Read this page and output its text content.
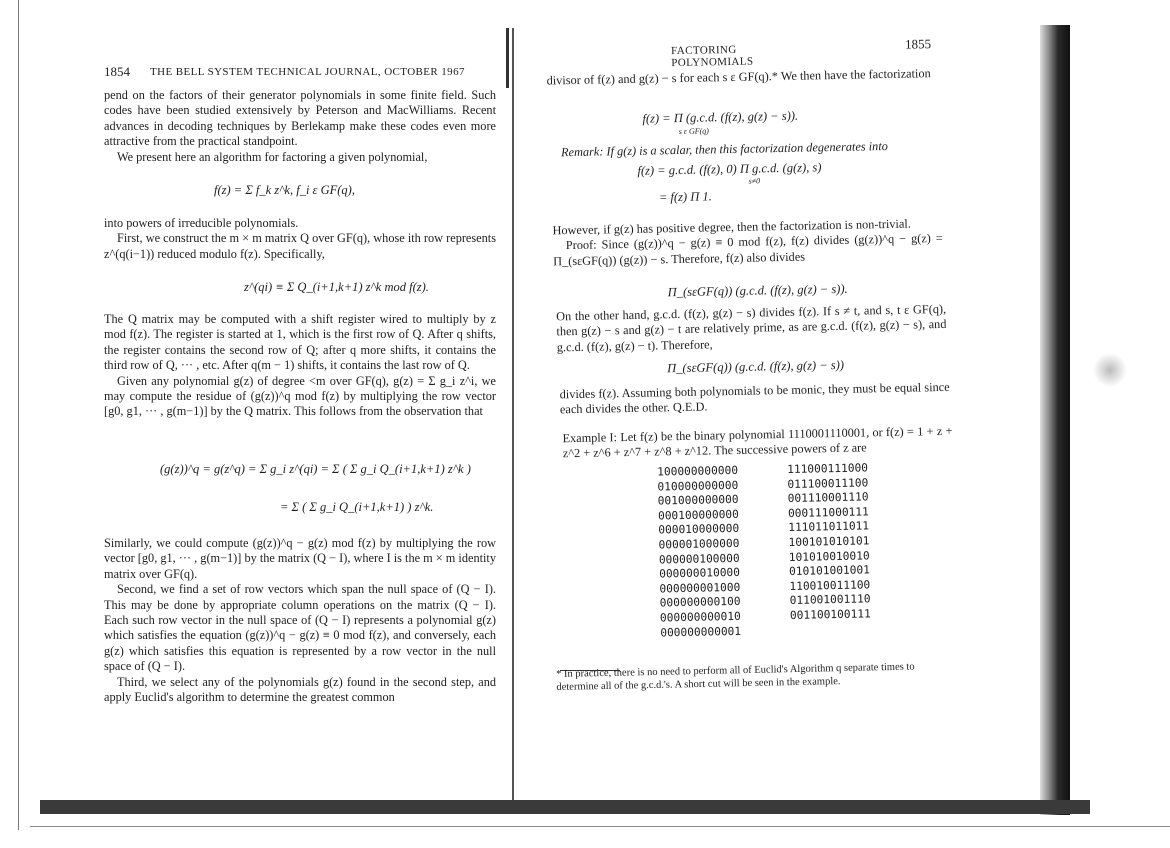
1854 THE BELL SYSTEM TECHNICAL JOURNAL, OCTOBER 1967

pend on the factors of their generator polynomials in some finite field. Such codes have been studied extensively by Peterson and MacWilliams. Recent advances in decoding techniques by Berlekamp make these codes even more attractive from the practical standpoint.

We present here an algorithm for factoring a given polynomial,

f(z) = Σ f_k z^k, f_i ε GF(q),

into powers of irreducible polynomials.

First, we construct the m × m matrix Q over GF(q), whose ith row represents z^(q(i−1)) reduced modulo f(z). Specifically,

z^(qi) ≡ Σ Q_(i+1,k+1) z^k mod f(z).

The Q matrix may be computed with a shift register wired to multiply by z mod f(z). The register is started at 1, which is the first row of Q. After q shifts, the register contains the second row of Q; after q more shifts, it contains the third row of Q, ··· , etc. After q(m − 1) shifts, it contains the last row of Q.

Given any polynomial g(z) of degree <m over GF(q), g(z) = Σ g_i z^i, we may compute the residue of (g(z))^q mod f(z) by multiplying the row vector [g0, g1, ··· , g(m−1)] by the Q matrix. This follows from the observation that

(g(z))^q = g(z^q) = Σ g_i z^(qi) = Σ ( Σ g_i Q_(i+1,k+1) z^k )
= Σ ( Σ g_i Q_(i+1,k+1) ) z^k.

Similarly, we could compute (g(z))^q − g(z) mod f(z) by multiplying the row vector [g0, g1, ··· , g(m−1)] by the matrix (Q − I), where I is the m × m identity matrix over GF(q).

Second, we find a set of row vectors which span the null space of (Q − I). This may be done by appropriate column operations on the matrix (Q − I). Each such row vector in the null space of (Q − I) represents a polynomial g(z) which satisfies the equation (g(z))^q − g(z) ≡ 0 mod f(z), and conversely, each g(z) which satisfies this equation is represented by a row vector in the null space of (Q − I).

Third, we select any of the polynomials g(z) found in the second step, and apply Euclid's algorithm to determine the greatest common

FACTORING POLYNOMIALS
1855

divisor of f(z) and g(z) − s for each s ε GF(q).* We then have the factorization

f(z) = Π (g.c.d. (f(z), g(z) − s)).
s ε GF(q)
Remark: If g(z) is a scalar, then this factorization degenerates into
f(z) = g.c.d. (f(z), 0) Π g.c.d. (g(z), s)
s≠0
= f(z) Π 1.

However, if g(z) has positive degree, then the factorization is non-trivial.

Proof: Since (g(z))^q − g(z) ≡ 0 mod f(z), f(z) divides (g(z))^q − g(z) = Π_(sεGF(q)) (g(z)) − s. Therefore, f(z) also divides

Π_(sεGF(q)) (g.c.d. (f(z), g(z) − s)).

On the other hand, g.c.d. (f(z), g(z) − s) divides f(z). If s ≠ t, and s, t ε GF(q), then g(z) − s and g(z) − t are relatively prime, as are g.c.d. (f(z), g(z) − s), and g.c.d. (f(z), g(z) − t). Therefore,

Π_(sεGF(q)) (g.c.d. (f(z), g(z) − s))

divides f(z). Assuming both polynomials to be monic, they must be equal since each divides the other. Q.E.D.

Example I: Let f(z) be the binary polynomial 1110001110001, or f(z) = 1 + z + z^2 + z^6 + z^7 + z^8 + z^12. The successive powers of z are
100000000000
010000000000
001000000000
000100000000
000010000000
000001000000
000000100000
000000010000
000000001000
000000000100
000000000010
000000000001
111000111000
011100011100
001110001110
000111000111
111011011011
100101010101
101010010010
010101001001
110010011100
011001001110
001100100111
* In practice, there is no need to perform all of Euclid's Algorithm q separate times to determine all of the g.c.d.'s. A short cut will be seen in the example.
